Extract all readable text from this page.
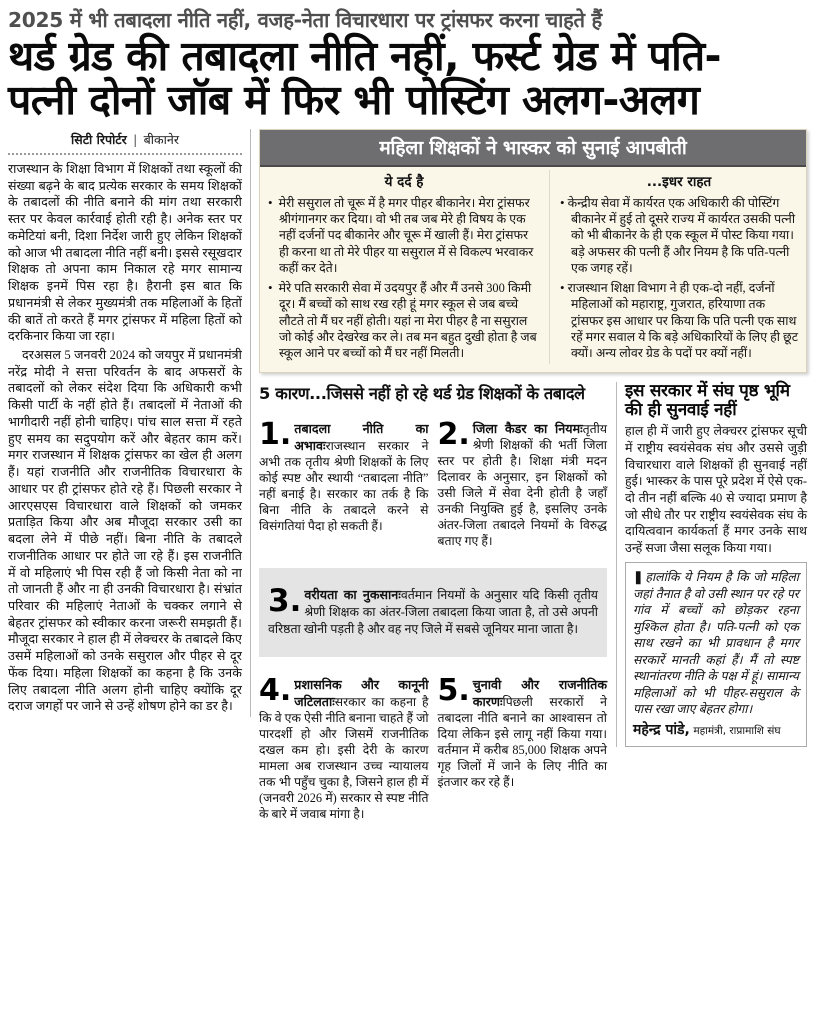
2025 में भी तबादला नीति नहीं, वजह-नेता विचारधारा पर ट्रांसफर करना चाहते हैं
थर्ड ग्रेड की तबादला नीति नहीं, फर्स्ट ग्रेड में पति-
पत्नी दोनों जॉब में फिर भी पोस्टिंग अलग-अलग
सिटी रिपोर्टर | बीकानेर

राजस्थान के शिक्षा विभाग में शिक्षकों तथा स्कूलों की संख्या बढ़ने के बाद प्रत्येक सरकार के समय शिक्षकों के तबादलों की नीति बनाने की मांग तथा सरकारी स्तर पर केवल कार्रवाई होती रही है। अनेक स्तर पर कमेटियां बनी, दिशा निर्देश जारी हुए लेकिन शिक्षकों को आज भी तबादला नीति नहीं बनी। इससे रसूखदार शिक्षक तो अपना काम निकाल रहे मगर सामान्य शिक्षक इनमें पिस रहा है। हैरानी इस बात कि प्रधानमंत्री से लेकर मुख्यमंत्री तक महिलाओं के हितों की बातें तो करते हैं मगर ट्रांसफर में महिला हितों को दरकिनार किया जा रहा।

दरअसल 5 जनवरी 2024 को जयपुर में प्रधानमंत्री नरेंद्र मोदी ने सत्ता परिवर्तन के बाद अफसरों के तबादलों को लेकर संदेश दिया कि अधिकारी कभी किसी पार्टी के नहीं होते हैं। तबादलों में नेताओं की भागीदारी नहीं होनी चाहिए। पांच साल सत्ता में रहते हुए समय का सदुपयोग करें और बेहतर काम करें। मगर राजस्थान में शिक्षक ट्रांसफर का खेल ही अलग हैं। यहां राजनीति और राजनीतिक विचारधारा के आधार पर ही ट्रांसफर होते रहे हैं। पिछली सरकार ने आरएसएस विचारधारा वाले शिक्षकों को जमकर प्रताड़ित किया और अब मौजूदा सरकार उसी का बदला लेने में पीछे नहीं। बिना नीति के तबादले राजनीतिक आधार पर होते जा रहे हैं। इस राजनीति में वो महिलाएं भी पिस रही हैं जो किसी नेता को ना तो जानती हैं और ना ही उनकी विचारधारा है। संभ्रांत परिवार की महिलाएं नेताओं के चक्कर लगाने से बेहतर ट्रांसफर को स्वीकार करना जरूरी समझती हैं। मौजूदा सरकार ने हाल ही में लेक्चरर के तबादले किए उसमें महिलाओं को उनके ससुराल और पीहर से दूर फेंक दिया। महिला शिक्षकों का कहना है कि उनके लिए तबादला नीति अलग होनी चाहिए क्योंकि दूर दराज जगहों पर जाने से उन्हें शोषण होने का डर है।

महिला शिक्षकों ने भास्कर को सुनाई आपबीती
ये दर्द है

• मेरी ससुराल तो चूरू में है मगर पीहर बीकानेर। मेरा ट्रांसफर श्रीगंगानगर कर दिया। वो भी तब जब मेरे ही विषय के एक नहीं दर्जनों पद बीकानेर और चूरू में खाली हैं। मेरा ट्रांसफर ही करना था तो मेरे पीहर या ससुराल में से विकल्प भरवाकर कहीं कर देते।

• मेरे पति सरकारी सेवा में उदयपुर हैं और मैं उनसे 300 किमी दूर। मैं बच्चों को साथ रख रही हूं मगर स्कूल से जब बच्चे लौटते तो मैं घर नहीं होती। यहां ना मेरा पीहर है ना ससुराल जो कोई और देखरेख कर ले। तब मन बहुत दुखी होता है जब स्कूल आने पर बच्चों को मैं घर नहीं मिलती।

...इधर राहत

• केन्द्रीय सेवा में कार्यरत एक अधिकारी की पोस्टिंग बीकानेर में हुई तो दूसरे राज्य में कार्यरत उसकी पत्नी को भी बीकानेर के ही एक स्कूल में पोस्ट किया गया। बड़े अफसर की पत्नी हैं और नियम है कि पति-पत्नी एक जगह रहें।

• राजस्थान शिक्षा विभाग ने ही एक-दो नहीं, दर्जनों महिलाओं को महाराष्ट्र, गुजरात, हरियाणा तक ट्रांसफर इस आधार पर किया कि पति पत्नी एक साथ रहें मगर सवाल ये कि बड़े अधिकारियों के लिए ही छूट क्यों। अन्य लोवर ग्रेड के पदों पर क्यों नहीं।

5 कारण...जिससे नहीं हो रहे थर्ड ग्रेड शिक्षकों के तबादले

1. तबादला नीति का अभावःराजस्थान सरकार ने अभी तक तृतीय श्रेणी शिक्षकों के लिए कोई स्पष्ट और स्थायी “तबादला नीति” नहीं बनाई है। सरकार का तर्क है कि बिना नीति के तबादले करने से विसंगतियां पैदा हो सकती हैं।

2. जिला कैडर का नियमःतृतीय श्रेणी शिक्षकों की भर्ती जिला स्तर पर होती है। शिक्षा मंत्री मदन दिलावर के अनुसार, इन शिक्षकों को उसी जिले में सेवा देनी होती है जहाँ उनकी नियुक्ति हुई है, इसलिए उनके अंतर-जिला तबादले नियमों के विरुद्ध बताए गए हैं।

3. वरीयता का नुकसानःवर्तमान नियमों के अनुसार यदि किसी तृतीय श्रेणी शिक्षक का अंतर-जिला तबादला किया जाता है, तो उसे अपनी वरिष्ठता खोनी पड़ती है और वह नए जिले में सबसे जूनियर माना जाता है।

4. प्रशासनिक और कानूनी जटिलताःसरकार का कहना है कि वे एक ऐसी नीति बनाना चाहते हैं जो पारदर्शी हो और जिसमें राजनीतिक दखल कम हो। इसी देरी के कारण मामला अब राजस्थान उच्च न्यायालय तक भी पहुँच चुका है, जिसने हाल ही में (जनवरी 2026 में) सरकार से स्पष्ट नीति के बारे में जवाब मांगा है।

5. चुनावी और राजनीतिक कारणःपिछली सरकारों ने तबादला नीति बनाने का आश्वासन तो दिया लेकिन इसे लागू नहीं किया गया। वर्तमान में करीब 85,000 शिक्षक अपने गृह जिलों में जाने के लिए नीति का इंतजार कर रहे हैं।

इस सरकार में संघ पृष्ठ भूमि की ही सुनवाई नहीं

हाल ही में जारी हुए लेक्चरर ट्रांसफर सूची में राष्ट्रीय स्वयंसेवक संघ और उससे जुड़ी विचारधारा वाले शिक्षकों ही सुनवाई नहीं हुई। भास्कर के पास पूरे प्रदेश में ऐसे एक-दो तीन नहीं बल्कि 40 से ज्यादा प्रमाण है जो सीधे तौर पर राष्ट्रीय स्वयंसेवक संघ के दायित्ववान कार्यकर्ता हैं मगर उनके साथ उन्हें सजा जैसा सलूक किया गया।

❚ हालांकि ये नियम है कि जो महिला जहां तैनात है वो उसी स्थान पर रहे पर गांव में बच्चों को छोड़कर रहना मुश्किल होता है। पति-पत्नी को एक साथ रखने का भी प्रावधान है मगर सरकारें मानती कहां हैं। मैं तो स्पष्ट स्थानांतरण नीति के पक्ष में हूं। सामान्य महिलाओं को भी पीहर-ससुराल के पास रखा जाए बेहतर होगा।

महेन्द्र पांडे, महामंत्री, राप्रामाशि संघ
